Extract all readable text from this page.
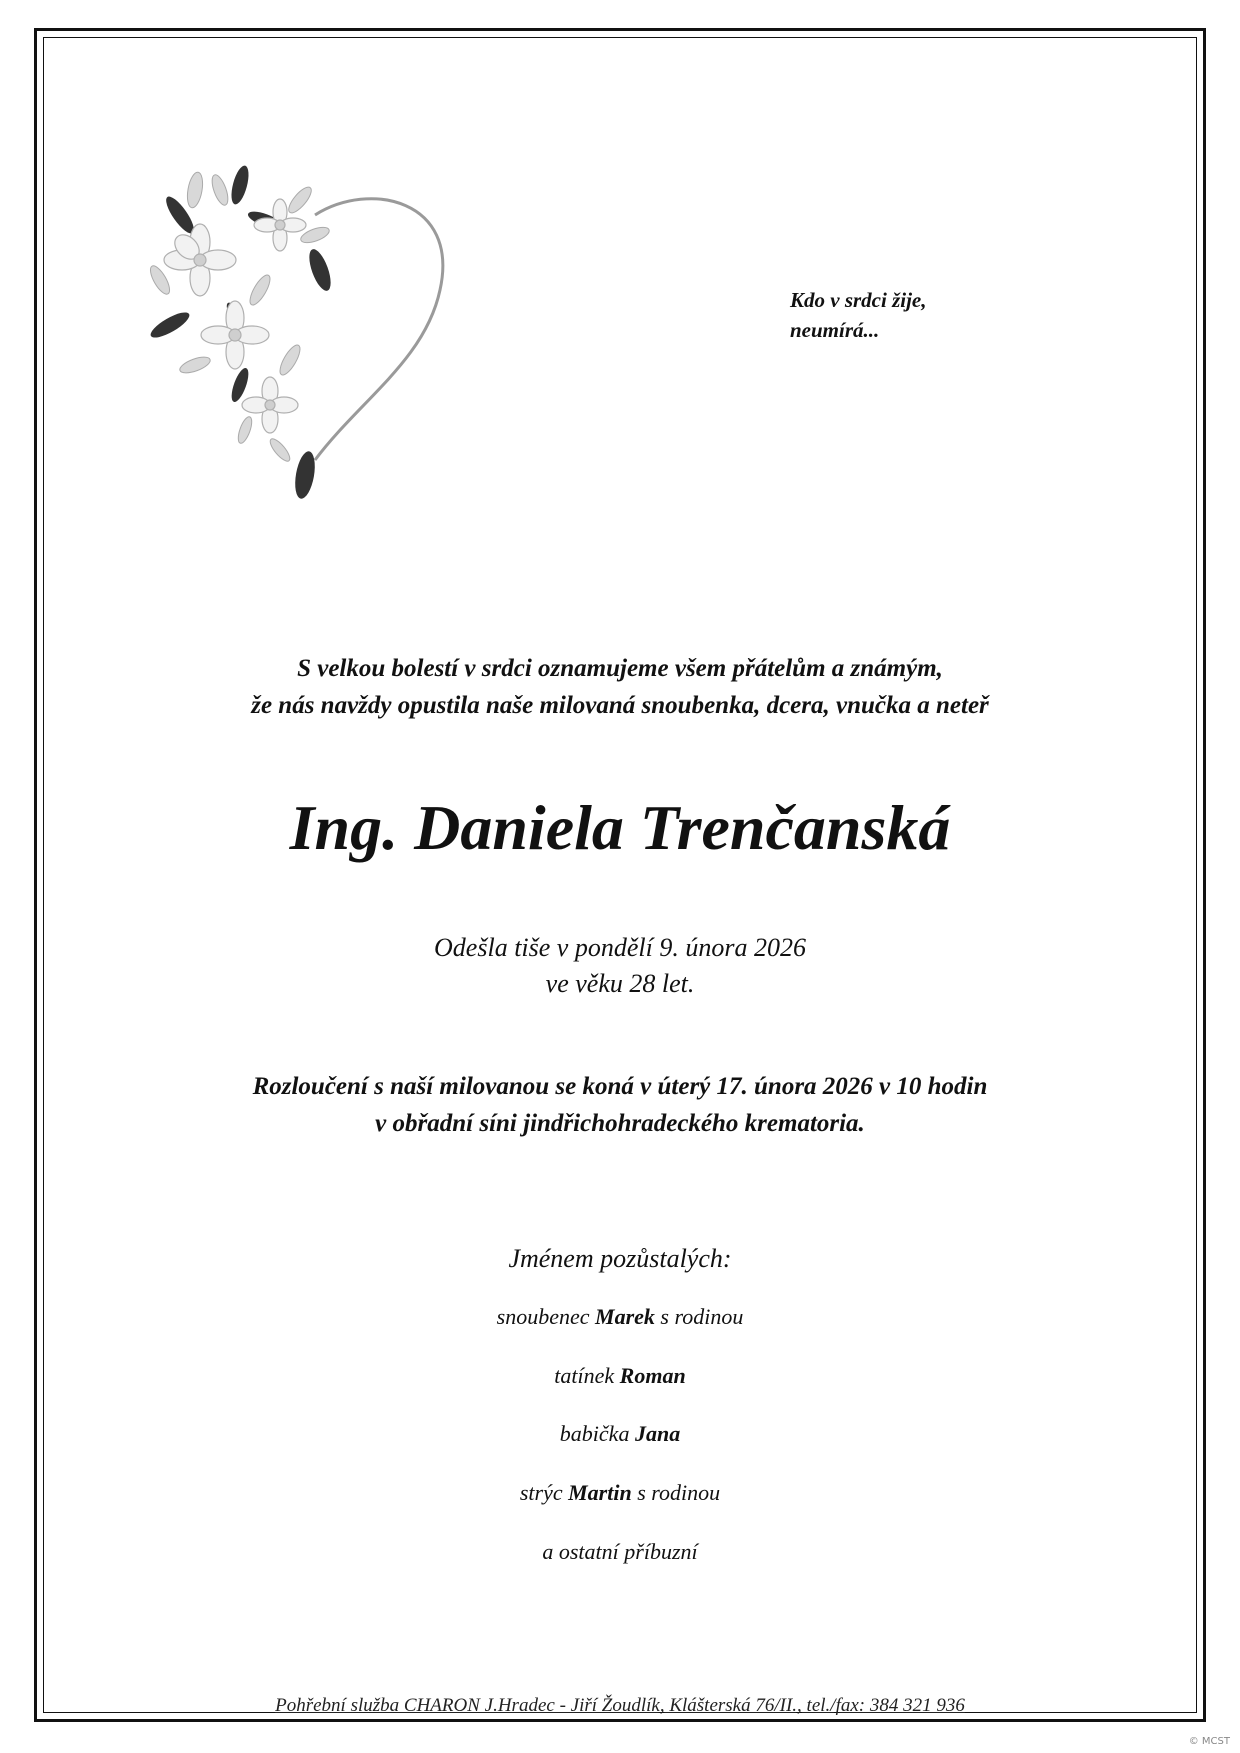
Kdo v srdci žije,
neumírá...
S velkou bolestí v srdci oznamujeme všem přátelům a známým,
že nás navždy opustila naše milovaná snoubenka, dcera, vnučka a neteř
Ing. Daniela Trenčanská
Odešla tiše v pondělí 9. února 2026
ve věku 28 let.
Rozloučení s naší milovanou se koná v úterý 17. února 2026 v 10 hodin
v obřadní síni jindřichohradeckého krematoria.
Jménem pozůstalých:
snoubenec Marek s rodinou
tatínek Roman
babička Jana
strýc Martin s rodinou
a ostatní příbuzní
Pohřební služba CHARON J.Hradec - Jiří Žoudlík, Klášterská 76/II., tel./fax: 384 321 936
© MCST
